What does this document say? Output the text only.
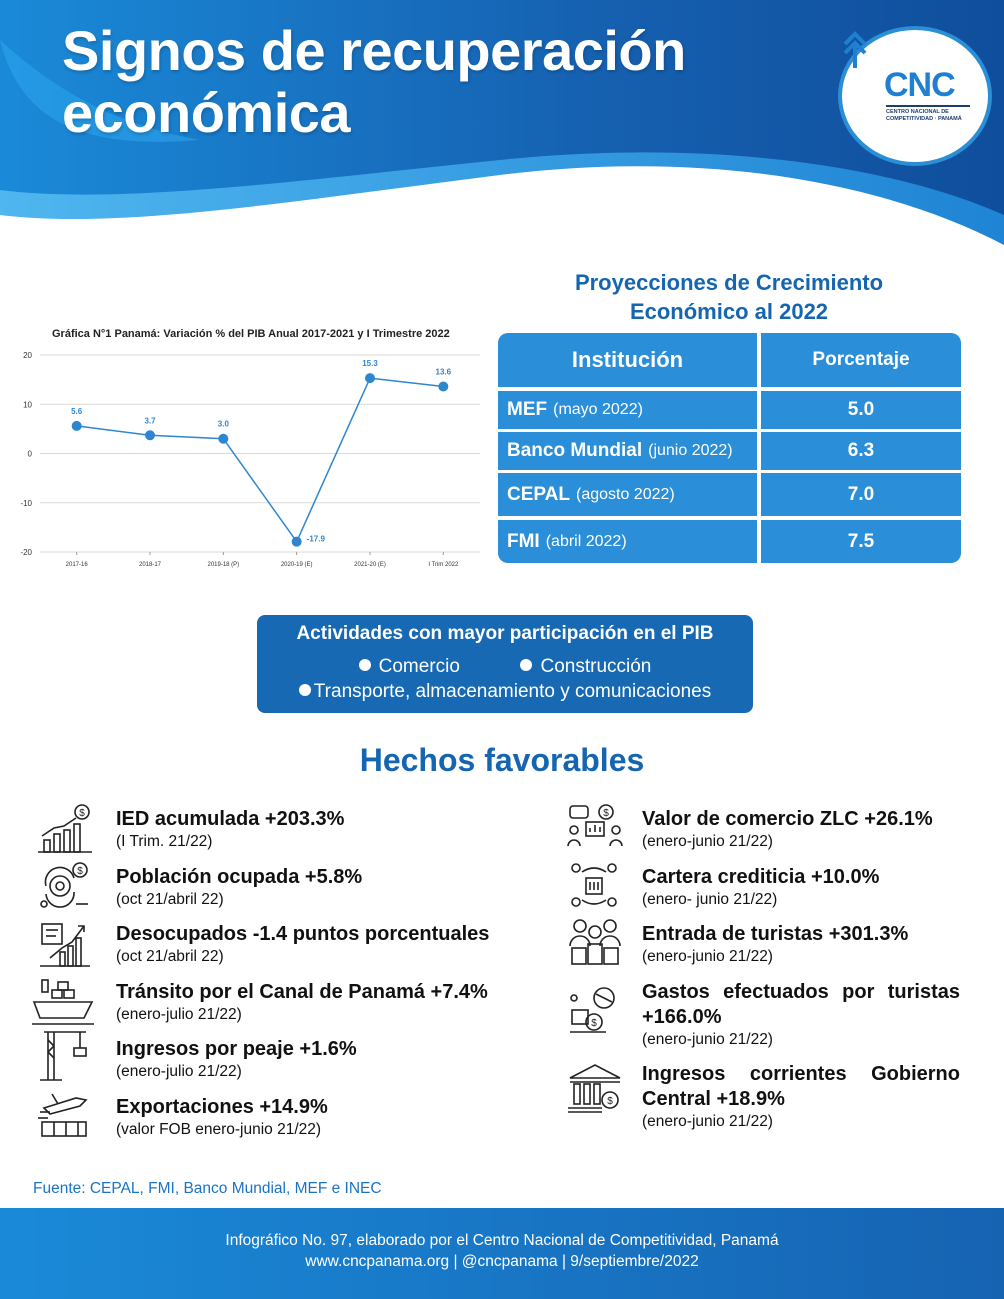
Signos de recuperación
económica	CNC
CENTRO NACIONAL DE
COMPETITIVIDAD · PANAMÁ
Gráfica N°1 Panamá: Variación % del PIB Anual 2017-2021 y I Trimestre 2022
20
10
0
-10
-20
2017-16	2018-17	2019-18 (P)	2020-19 (E)	2021-20 (E)	I Trim 2022
5.6
3.7	3.0
-17.9
15.3
13.6
Proyecciones de Crecimiento
Económico al 2022
Institución	Porcentaje
MEF (mayo 2022)	5.0
Banco Mundial (junio 2022)	6.3
CEPAL (agosto 2022)	7.0
FMI (abril 2022)	7.5
Actividades con mayor participación en el PIB
Comercio	Construcción
Transporte, almacenamiento y comunicaciones
Hechos favorables
$
$
IED acumulada +203.3%
(I Trim. 21/22)
Población ocupada +5.8%
(oct 21/abril 22)
Desocupados -1.4 puntos porcentuales
(oct 21/abril 22)
Tránsito por el Canal de Panamá +7.4%
(enero-julio 21/22)
Ingresos por peaje +1.6%
(enero-julio 21/22)
Exportaciones +14.9%
(valor FOB enero-junio 21/22)
$
$
$
Valor de comercio ZLC +26.1%
(enero-junio 21/22)
Cartera crediticia +10.0%
(enero- junio 21/22)
Entrada de turistas +301.3%
(enero-junio 21/22)
Gastos efectuados por turistas +166.0%
(enero-junio 21/22)
Ingresos corrientes Gobierno Central +18.9%
(enero-junio 21/22)
Fuente: CEPAL, FMI, Banco Mundial, MEF e INEC
Infográfico No. 97, elaborado por el Centro Nacional de Competitividad, Panamá
www.cncpanama.org | @cncpanama | 9/septiembre/2022
